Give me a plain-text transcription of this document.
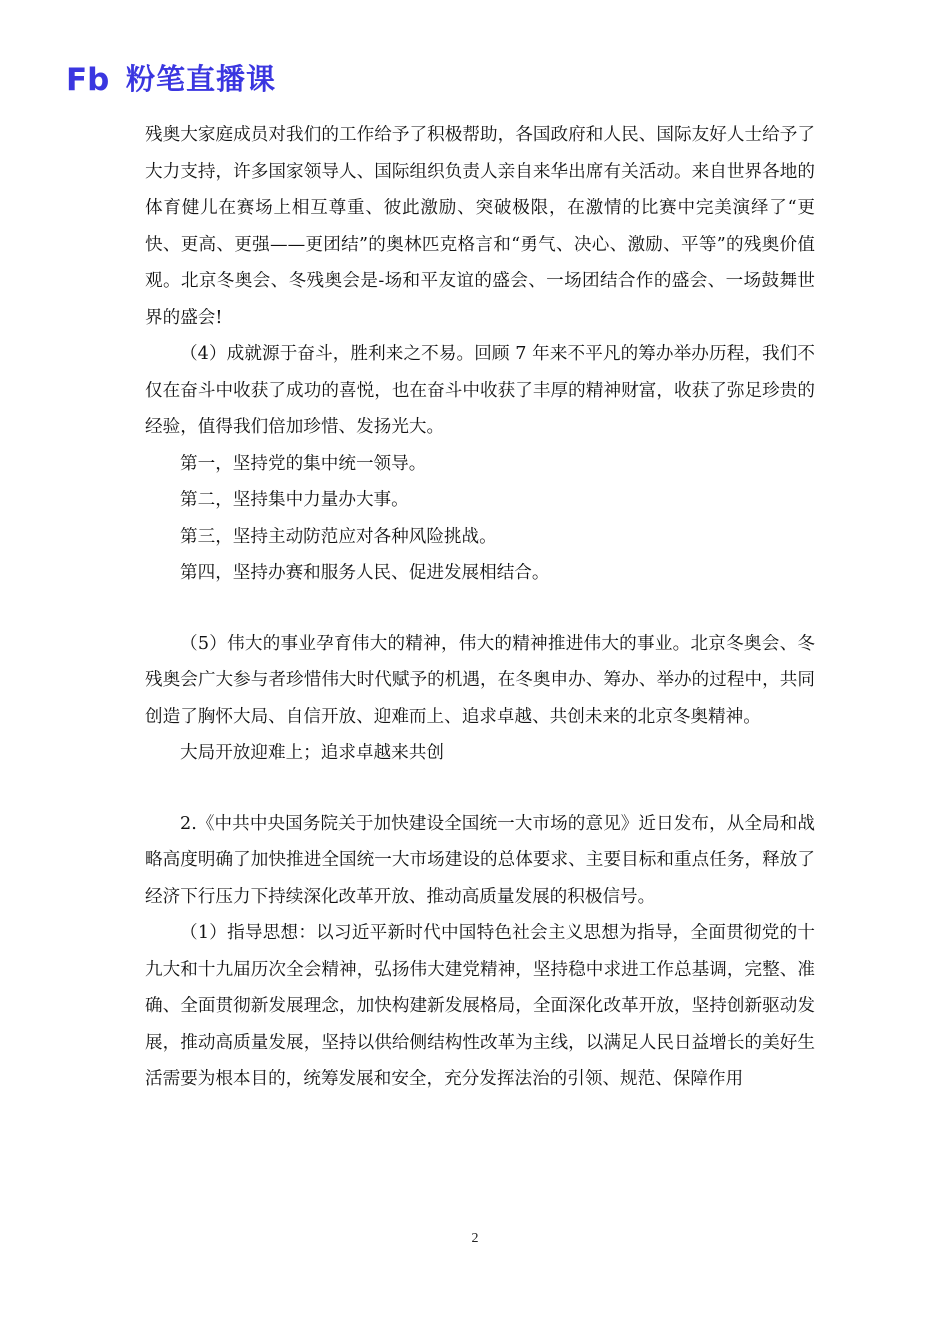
Fb 粉笔直播课

残奥大家庭成员对我们的工作给予了积极帮助，各国政府和人民、国际友好人士给予了大力支持，许多国家领导人、国际组织负责人亲自来华出席有关活动。来自世界各地的体育健儿在赛场上相互尊重、彼此激励、突破极限，在激情的比赛中完美演绎了“更快、更高、更强——更团结”的奥林匹克格言和“勇气、决心、激励、平等”的残奥价值观。北京冬奥会、冬残奥会是-场和平友谊的盛会、一场团结合作的盛会、一场鼓舞世界的盛会!

（4）成就源于奋斗，胜利来之不易。回顾 7 年来不平凡的筹办举办历程，我们不仅在奋斗中收获了成功的喜悦，也在奋斗中收获了丰厚的精神财富，收获了弥足珍贵的经验，值得我们倍加珍惜、发扬光大。

第一，坚持党的集中统一领导。

第二，坚持集中力量办大事。

第三，坚持主动防范应对各种风险挑战。

第四，坚持办赛和服务人民、促进发展相结合。

（5）伟大的事业孕育伟大的精神，伟大的精神推进伟大的事业。北京冬奥会、冬残奥会广大参与者珍惜伟大时代赋予的机遇，在冬奥申办、筹办、举办的过程中，共同创造了胸怀大局、自信开放、迎难而上、追求卓越、共创未来的北京冬奥精神。

大局开放迎难上；追求卓越来共创

2.《中共中央国务院关于加快建设全国统一大市场的意见》近日发布，从全局和战略高度明确了加快推进全国统一大市场建设的总体要求、主要目标和重点任务，释放了经济下行压力下持续深化改革开放、推动高质量发展的积极信号。

（1）指导思想：以习近平新时代中国特色社会主义思想为指导，全面贯彻党的十九大和十九届历次全会精神，弘扬伟大建党精神，坚持稳中求进工作总基调，完整、准确、全面贯彻新发展理念，加快构建新发展格局，全面深化改革开放，坚持创新驱动发展，推动高质量发展，坚持以供给侧结构性改革为主线，以满足人民日益增长的美好生活需要为根本目的，统筹发展和安全，充分发挥法治的引领、规范、保障作用

2
